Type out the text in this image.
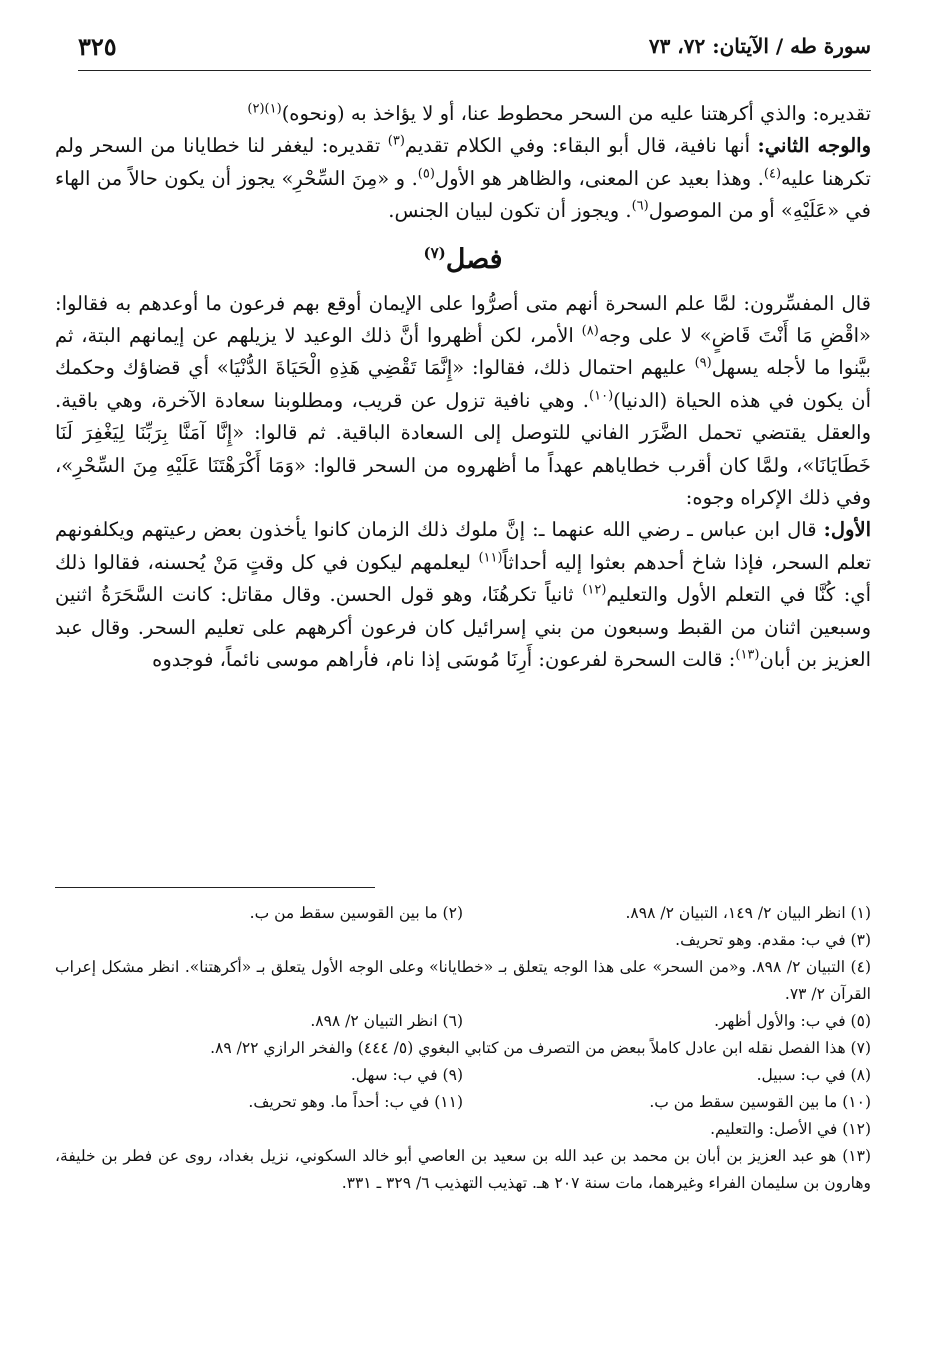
سورة طه / الآيتان: ٧٢، ٧٣
٣٢٥

تقديره: والذي أكرهتنا عليه من السحر محطوط عنا، أو لا يؤاخذ به (ونحوه)$^{(١)(٢)}$

والوجه الثاني: أنها نافية، قال أبو البقاء: وفي الكلام تقديم$^{(٣)}$ تقديره: ليغفر لنا خطايانا من السحر ولم تكرهنا عليه$^{(٤)}$. وهذا بعيد عن المعنى، والظاهر هو الأول$^{(٥)}$. و «مِنَ السِّحْرِ» يجوز أن يكون حالاً من الهاء في «عَلَيْهِ» أو من الموصول$^{(٦)}$. ويجوز أن تكون لبيان الجنس.

فصل$^{(٧)}$

قال المفسِّرون: لمَّا علم السحرة أنهم متى أصرُّوا على الإيمان أوقع بهم فرعون ما أوعدهم به فقالوا: «اقْضِ مَا أَنْتَ قَاضٍ» لا على وجه$^{(٨)}$ الأمر، لكن أظهروا أنَّ ذلك الوعيد لا يزيلهم عن إيمانهم البتة، ثم بيَّنوا ما لأجله يسهل$^{(٩)}$ عليهم احتمال ذلك، فقالوا: «إِنَّمَا تَقْضِي هَذِهِ الْحَيَاةَ الدُّنْيَا» أي قضاؤك وحكمك أن يكون في هذه الحياة (الدنيا)$^{(١٠)}$. وهي نافية تزول عن قريب، ومطلوبنا سعادة الآخرة، وهي باقية. والعقل يقتضي تحمل الضَّرَر الفاني للتوصل إلى السعادة الباقية. ثم قالوا: «إِنَّا آمَنَّا بِرَبِّنَا لِيَغْفِرَ لَنَا خَطَايَانَا»، ولمَّا كان أقرب خطاياهم عهداً ما أظهروه من السحر قالوا: «وَمَا أَكْرَهْتَنَا عَلَيْهِ مِنَ السِّحْرِ»، وفي ذلك الإكراه وجوه:

الأول: قال ابن عباس ـ رضي الله عنهما ـ: إنَّ ملوك ذلك الزمان كانوا يأخذون بعض رعيتهم ويكلفونهم تعلم السحر، فإذا شاخ أحدهم بعثوا إليه أحداثاً$^{(١١)}$ ليعلمهم ليكون في كل وقتٍ مَنْ يُحسنه، فقالوا ذلك أي: كُنَّا في التعلم الأول والتعليم$^{(١٢)}$ ثانياً تكرهُنَا، وهو قول الحسن. وقال مقاتل: كانت السَّحَرَةُ اثنين وسبعين اثنان من القبط وسبعون من بني إسرائيل كان فرعون أكرههم على تعليم السحر. وقال عبد العزيز بن أبان$^{(١٣)}$: قالت السحرة لفرعون: أَرِنَا مُوسَى إذا نام، فأراهم موسى نائماً، فوجدوه

(١) انظر البيان ٢/ ١٤٩، التبيان ٢/ ٨٩٨.
(٢) ما بين القوسين سقط من ب.
(٣) في ب: مقدم. وهو تحريف.
(٤) التبيان ٢/ ٨٩٨. و«من السحر» على هذا الوجه يتعلق بـ «خطايانا» وعلى الوجه الأول يتعلق بـ «أكرهتنا». انظر مشكل إعراب القرآن ٢/ ٧٣.
(٥) في ب: والأول أظهر.
(٦) انظر التبيان ٢/ ٨٩٨.
(٧) هذا الفصل نقله ابن عادل كاملاً ببعض من التصرف من كتابي البغوي (٥/ ٤٤٤) والفخر الرازي ٢٢/ ٨٩.
(٨) في ب: سبيل.
(٩) في ب: سهل.
(١٠) ما بين القوسين سقط من ب.
(١١) في ب: أحداً ما. وهو تحريف.
(١٢) في الأصل: والتعليم.
(١٣) هو عبد العزيز بن أبان بن محمد بن عبد الله بن سعيد بن العاصي أبو خالد السكوني، نزيل بغداد، روى عن فطر بن خليفة، وهارون بن سليمان الفراء وغيرهما، مات سنة ٢٠٧ هـ. تهذيب التهذيب ٦/ ٣٢٩ ـ ٣٣١.
